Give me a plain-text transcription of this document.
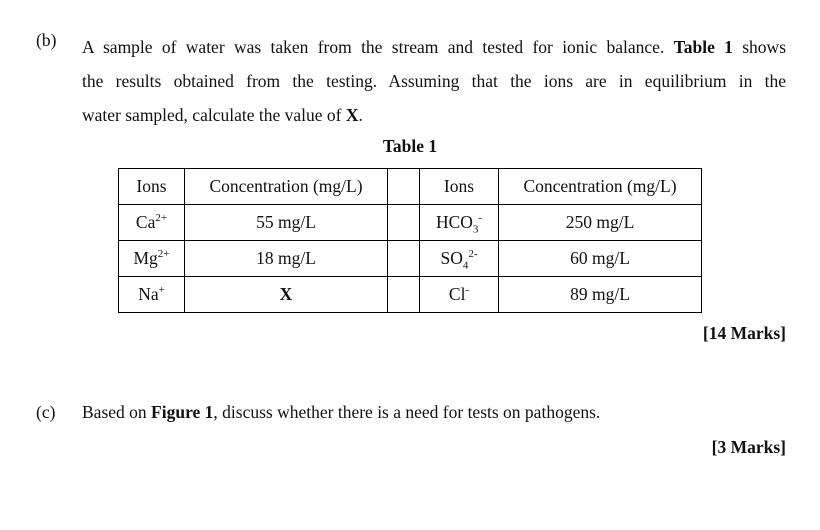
(b) A sample of water was taken from the stream and tested for ionic balance. Table 1 shows
the results obtained from the testing. Assuming that the ions are in equilibrium in the
water sampled, calculate the value of X.
Table 1
Ions	Concentration (mg/L)		Ions	Concentration (mg/L)
$Ca^{2+}$	55 mg/L		$HCO_3^-$	250 mg/L
$Mg^{2+}$	18 mg/L		$SO_4^{2-}$	60 mg/L
Na+	X		Cl-	89 mg/L
[14 Marks]
(c) Based on Figure 1, discuss whether there is a need for tests on pathogens.
[3 Marks]
